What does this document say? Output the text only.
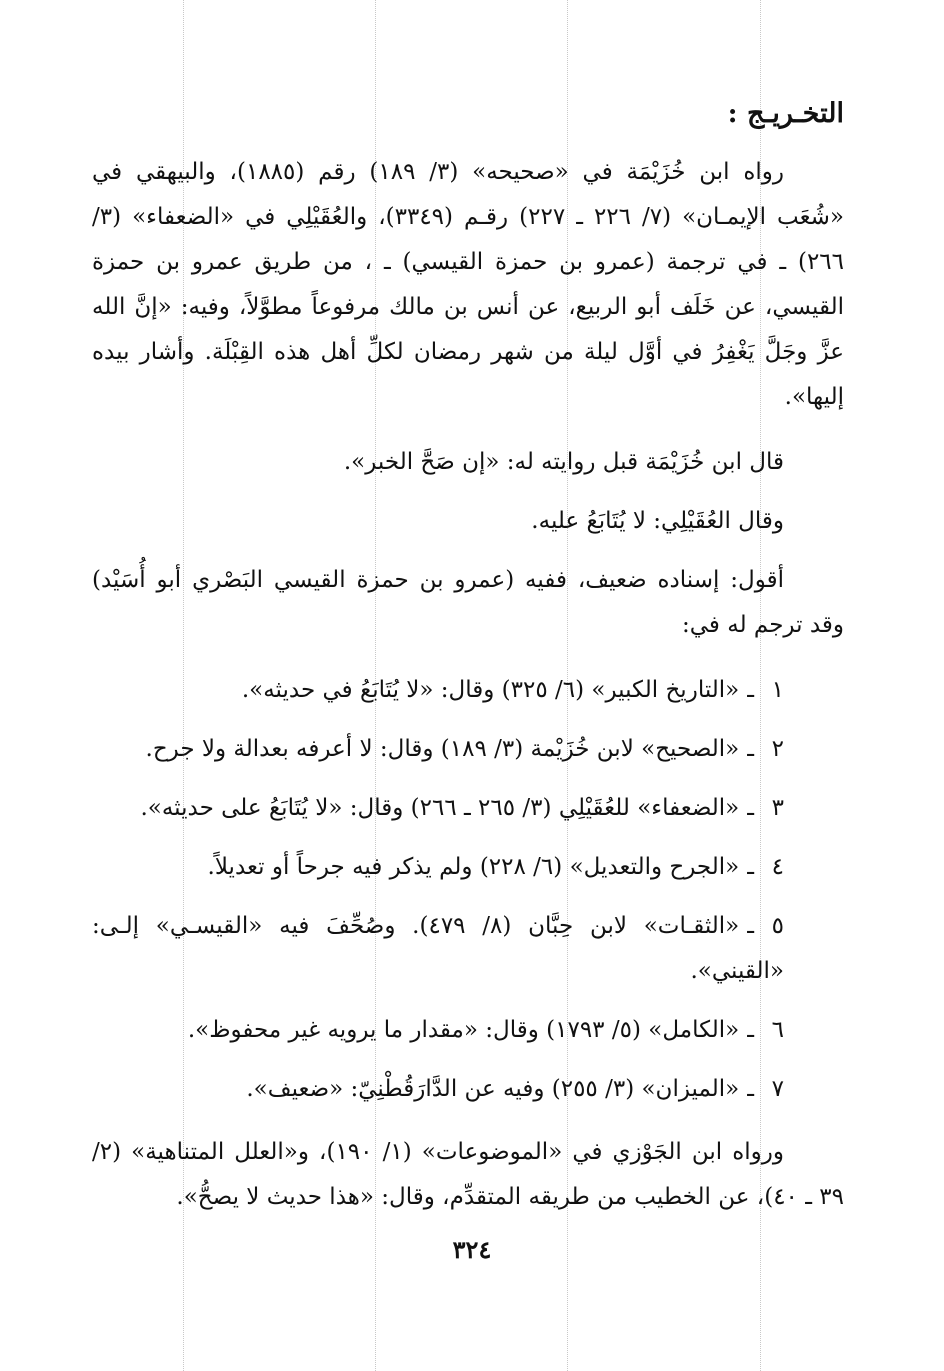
التخـريـج :

رواه ابن خُزَيْمَة في «صحيحه» (٣/ ١٨٩) رقم (١٨٨٥)، والبيهقي في «شُعَب الإيمـان» (٧/ ٢٢٦ ـ ٢٢٧) رقـم (٣٣٤٩)، والعُقَيْلِي في «الضعفاء» (٣/ ٢٦٦) ـ في ترجمة (عمرو بن حمزة القيسي) ـ ، من طريق عمرو بن حمزة القيسي، عن خَلَف أبو الربيع، عن أنس بن مالك مرفوعاً مطوَّلاً، وفيه: «إنَّ الله عزَّ وجَلَّ يَغْفِرُ في أوَّل ليلة من شهر رمضان لكلِّ أهل هذه القِبْلَة. وأشار بيده إليها».

قال ابن خُزَيْمَة قبل روايته له: «إن صَحَّ الخبر».

وقال العُقَيْلِي: لا يُتَابَعُ عليه.

أقول: إسناده ضعيف، ففيه (عمرو بن حمزة القيسي البَصْري أبو أُسَيْد) وقد ترجم له في:

١ـ«التاريخ الكبير» (٦/ ٣٢٥) وقال: «لا يُتَابَعُ في حديثه».
٢ـ«الصحيح» لابن خُزَيْمة (٣/ ١٨٩) وقال: لا أعرفه بعدالة ولا جرح.
٣ـ«الضعفاء» للعُقَيْلِي (٣/ ٢٦٥ ـ ٢٦٦) وقال: «لا يُتَابَعُ على حديثه».
٤ـ«الجرح والتعديل» (٦/ ٢٢٨) ولم يذكر فيه جرحاً أو تعديلاً.
٥ـ«الثقـات» لابن حِبَّان (٨/ ٤٧٩). وصُحِّفَ فيه «القيسـي» إلـى: «القيني».
٦ـ«الكامل» (٥/ ١٧٩٣) وقال: «مقدار ما يرويه غير محفوظ».
٧ـ«الميزان» (٣/ ٢٥٥) وفيه عن الدَّارَقُطْنِيّ: «ضعيف».

ورواه ابن الجَوْزي في «الموضوعات» (١/ ١٩٠)، و«العلل المتناهية» (٢/ ٣٩ ـ ٤٠)، عن الخطيب من طريقه المتقدِّم، وقال: «هذا حديث لا يصحُّ».

٣٢٤
